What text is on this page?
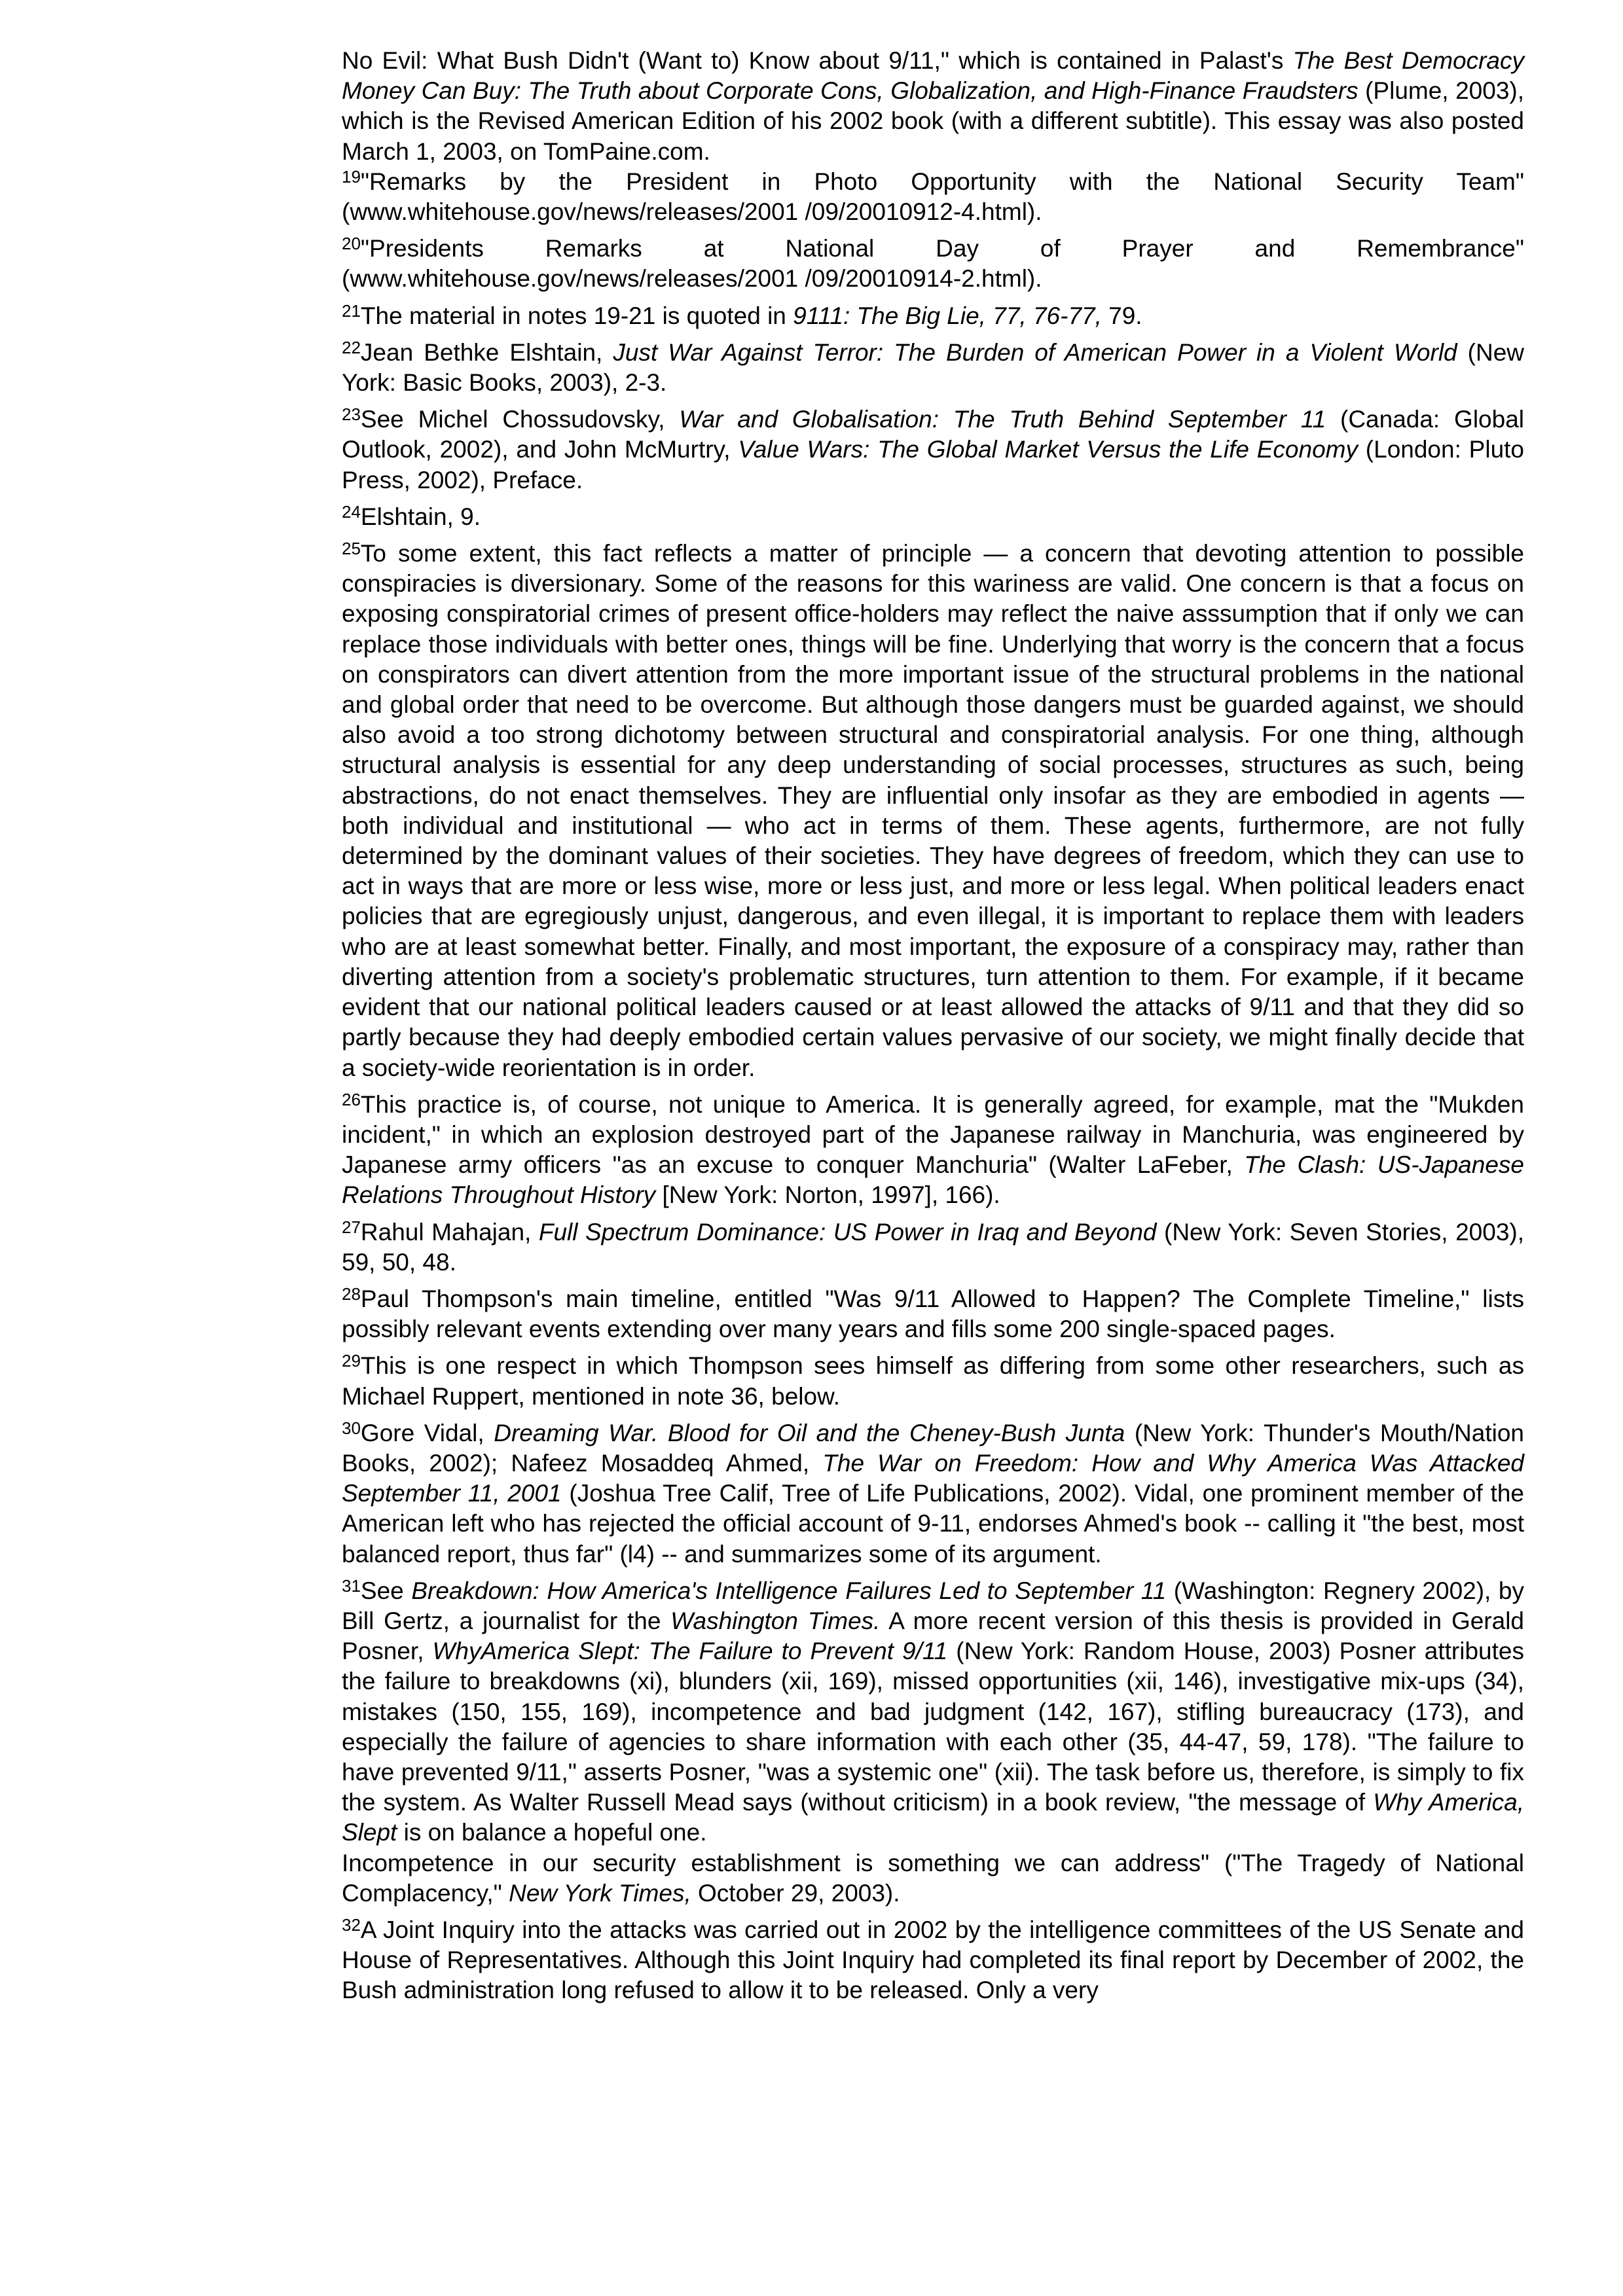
No Evil: What Bush Didn't (Want to) Know about 9/11," which is contained in Palast's The Best Democracy Money Can Buy: The Truth about Corporate Cons, Globalization, and High-Finance Fraudsters (Plume, 2003), which is the Revised American Edition of his 2002 book (with a different subtitle). This essay was also posted March 1, 2003, on TomPaine.com.

$^{19}$"Remarks by the President in Photo Opportunity with the National Security Team" (www.whitehouse.gov/news/releases/2001 /09/20010912-4.html).

$^{20}$"Presidents Remarks at National Day of Prayer and Remembrance" (www.whitehouse.gov/news/releases/2001 /09/20010914-2.html).

$^{21}$The material in notes 19-21 is quoted in 9111: The Big Lie, 77, 76-77, 79.

$^{22}$Jean Bethke Elshtain, Just War Against Terror: The Burden of American Power in a Violent World (New York: Basic Books, 2003), 2-3.

$^{23}$See Michel Chossudovsky, War and Globalisation: The Truth Behind September 11 (Canada: Global Outlook, 2002), and John McMurtry, Value Wars: The Global Market Versus the Life Economy (London: Pluto Press, 2002), Preface.

$^{24}$Elshtain, 9.

$^{25}$To some extent, this fact reflects a matter of principle — a concern that devoting attention to possible conspiracies is diversionary. Some of the reasons for this wariness are valid. One concern is that a focus on exposing conspiratorial crimes of present office-holders may reflect the naive asssumption that if only we can replace those individuals with better ones, things will be fine. Underlying that worry is the concern that a focus on conspirators can divert attention from the more important issue of the structural problems in the national and global order that need to be overcome. But although those dangers must be guarded against, we should also avoid a too strong dichotomy between structural and conspiratorial analysis. For one thing, although structural analysis is essential for any deep understanding of social processes, structures as such, being abstractions, do not enact themselves. They are influential only insofar as they are embodied in agents — both individual and institutional — who act in terms of them. These agents, furthermore, are not fully determined by the dominant values of their societies. They have degrees of freedom, which they can use to act in ways that are more or less wise, more or less just, and more or less legal. When political leaders enact policies that are egregiously unjust, dangerous, and even illegal, it is important to replace them with leaders who are at least somewhat better. Finally, and most important, the exposure of a conspiracy may, rather than diverting attention from a society's problematic structures, turn attention to them. For example, if it became evident that our national political leaders caused or at least allowed the attacks of 9/11 and that they did so partly because they had deeply embodied certain values pervasive of our society, we might finally decide that a society-wide reorientation is in order.

$^{26}$This practice is, of course, not unique to America. It is generally agreed, for example, mat the "Mukden incident," in which an explosion destroyed part of the Japanese railway in Manchuria, was engineered by Japanese army officers "as an excuse to conquer Manchuria" (Walter LaFeber, The Clash: US-Japanese Relations Throughout History [New York: Norton, 1997], 166).

$^{27}$Rahul Mahajan, Full Spectrum Dominance: US Power in Iraq and Beyond (New York: Seven Stories, 2003), 59, 50, 48.

$^{28}$Paul Thompson's main timeline, entitled "Was 9/11 Allowed to Happen? The Complete Timeline," lists possibly relevant events extending over many years and fills some 200 single-spaced pages.

$^{29}$This is one respect in which Thompson sees himself as differing from some other researchers, such as Michael Ruppert, mentioned in note 36, below.

$^{30}$Gore Vidal, Dreaming War. Blood for Oil and the Cheney-Bush Junta (New York: Thunder's Mouth/Nation Books, 2002); Nafeez Mosaddeq Ahmed, The War on Freedom: How and Why America Was Attacked September 11, 2001 (Joshua Tree Calif, Tree of Life Publications, 2002). Vidal, one prominent member of the American left who has rejected the official account of 9-11, endorses Ahmed's book -- calling it "the best, most balanced report, thus far" (l4) -- and summarizes some of its argument.

$^{31}$See Breakdown: How America's Intelligence Failures Led to September 11 (Washington: Regnery 2002), by Bill Gertz, a journalist for the Washington Times. A more recent version of this thesis is provided in Gerald Posner, WhyAmerica Slept: The Failure to Prevent 9/11 (New York: Random House, 2003) Posner attributes the failure to breakdowns (xi), blunders (xii, 169), missed opportunities (xii, 146), investigative mix-ups (34), mistakes (150, 155, 169), incompetence and bad judgment (142, 167), stifling bureaucracy (173), and especially the failure of agencies to share information with each other (35, 44-47, 59, 178). "The failure to have prevented 9/11," asserts Posner, "was a systemic one" (xii). The task before us, therefore, is simply to fix the system. As Walter Russell Mead says (without criticism) in a book review, "the message of Why America, Slept is on balance a hopeful one.

Incompetence in our security establishment is something we can address" ("The Tragedy of National Complacency," New York Times, October 29, 2003).

$^{32}$A Joint Inquiry into the attacks was carried out in 2002 by the intelligence committees of the US Senate and House of Representatives. Although this Joint Inquiry had completed its final report by December of 2002, the Bush administration long refused to allow it to be released. Only a very
